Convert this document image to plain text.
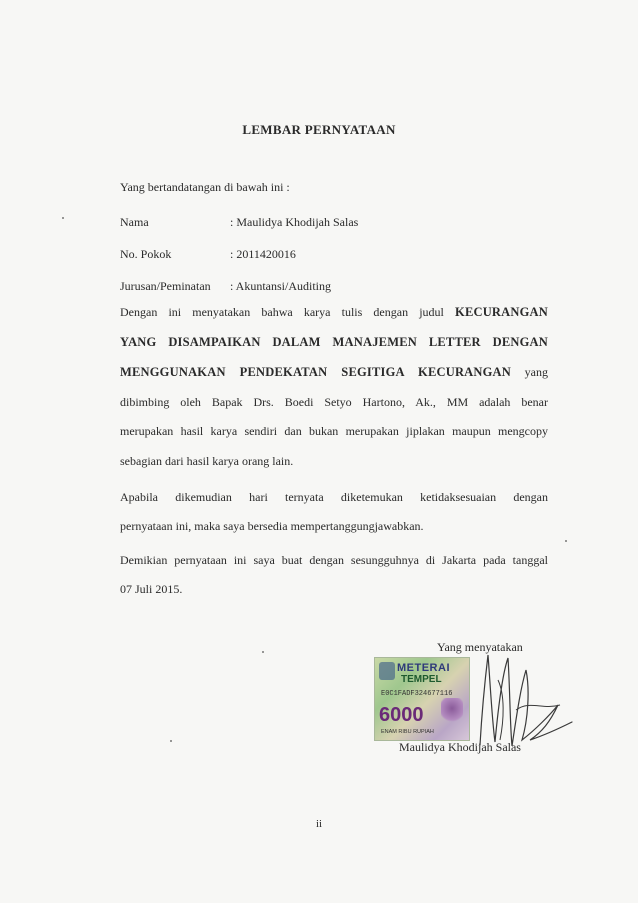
LEMBAR PERNYATAAN
Yang bertandatangan di bawah ini :
Nama	: Maulidya Khodijah Salas
No. Pokok	: 2011420016
Jurusan/Peminatan : Akuntansi/Auditing
Dengan ini menyatakan bahwa karya tulis dengan judul KECURANGAN
YANG DISAMPAIKAN DALAM MANAJEMEN LETTER DENGAN
MENGGUNAKAN PENDEKATAN SEGITIGA KECURANGAN yang
dibimbing oleh Bapak Drs. Boedi Setyo Hartono, Ak., MM adalah benar
merupakan hasil karya sendiri dan bukan merupakan jiplakan maupun mengcopy
sebagian dari hasil karya orang lain.
Apabila dikemudian hari ternyata diketemukan ketidaksesuaian dengan
pernyataan ini, maka saya bersedia mempertanggungjawabkan.
Demikian pernyataan ini saya buat dengan sesungguhnya di Jakarta pada tanggal
07 Juli 2015.
Yang menyatakan
METERAI
TEMPEL
E0C1FADF324677116
6000
ENAM RIBU RUPIAH
Maulidya Khodijah Salas
ii
